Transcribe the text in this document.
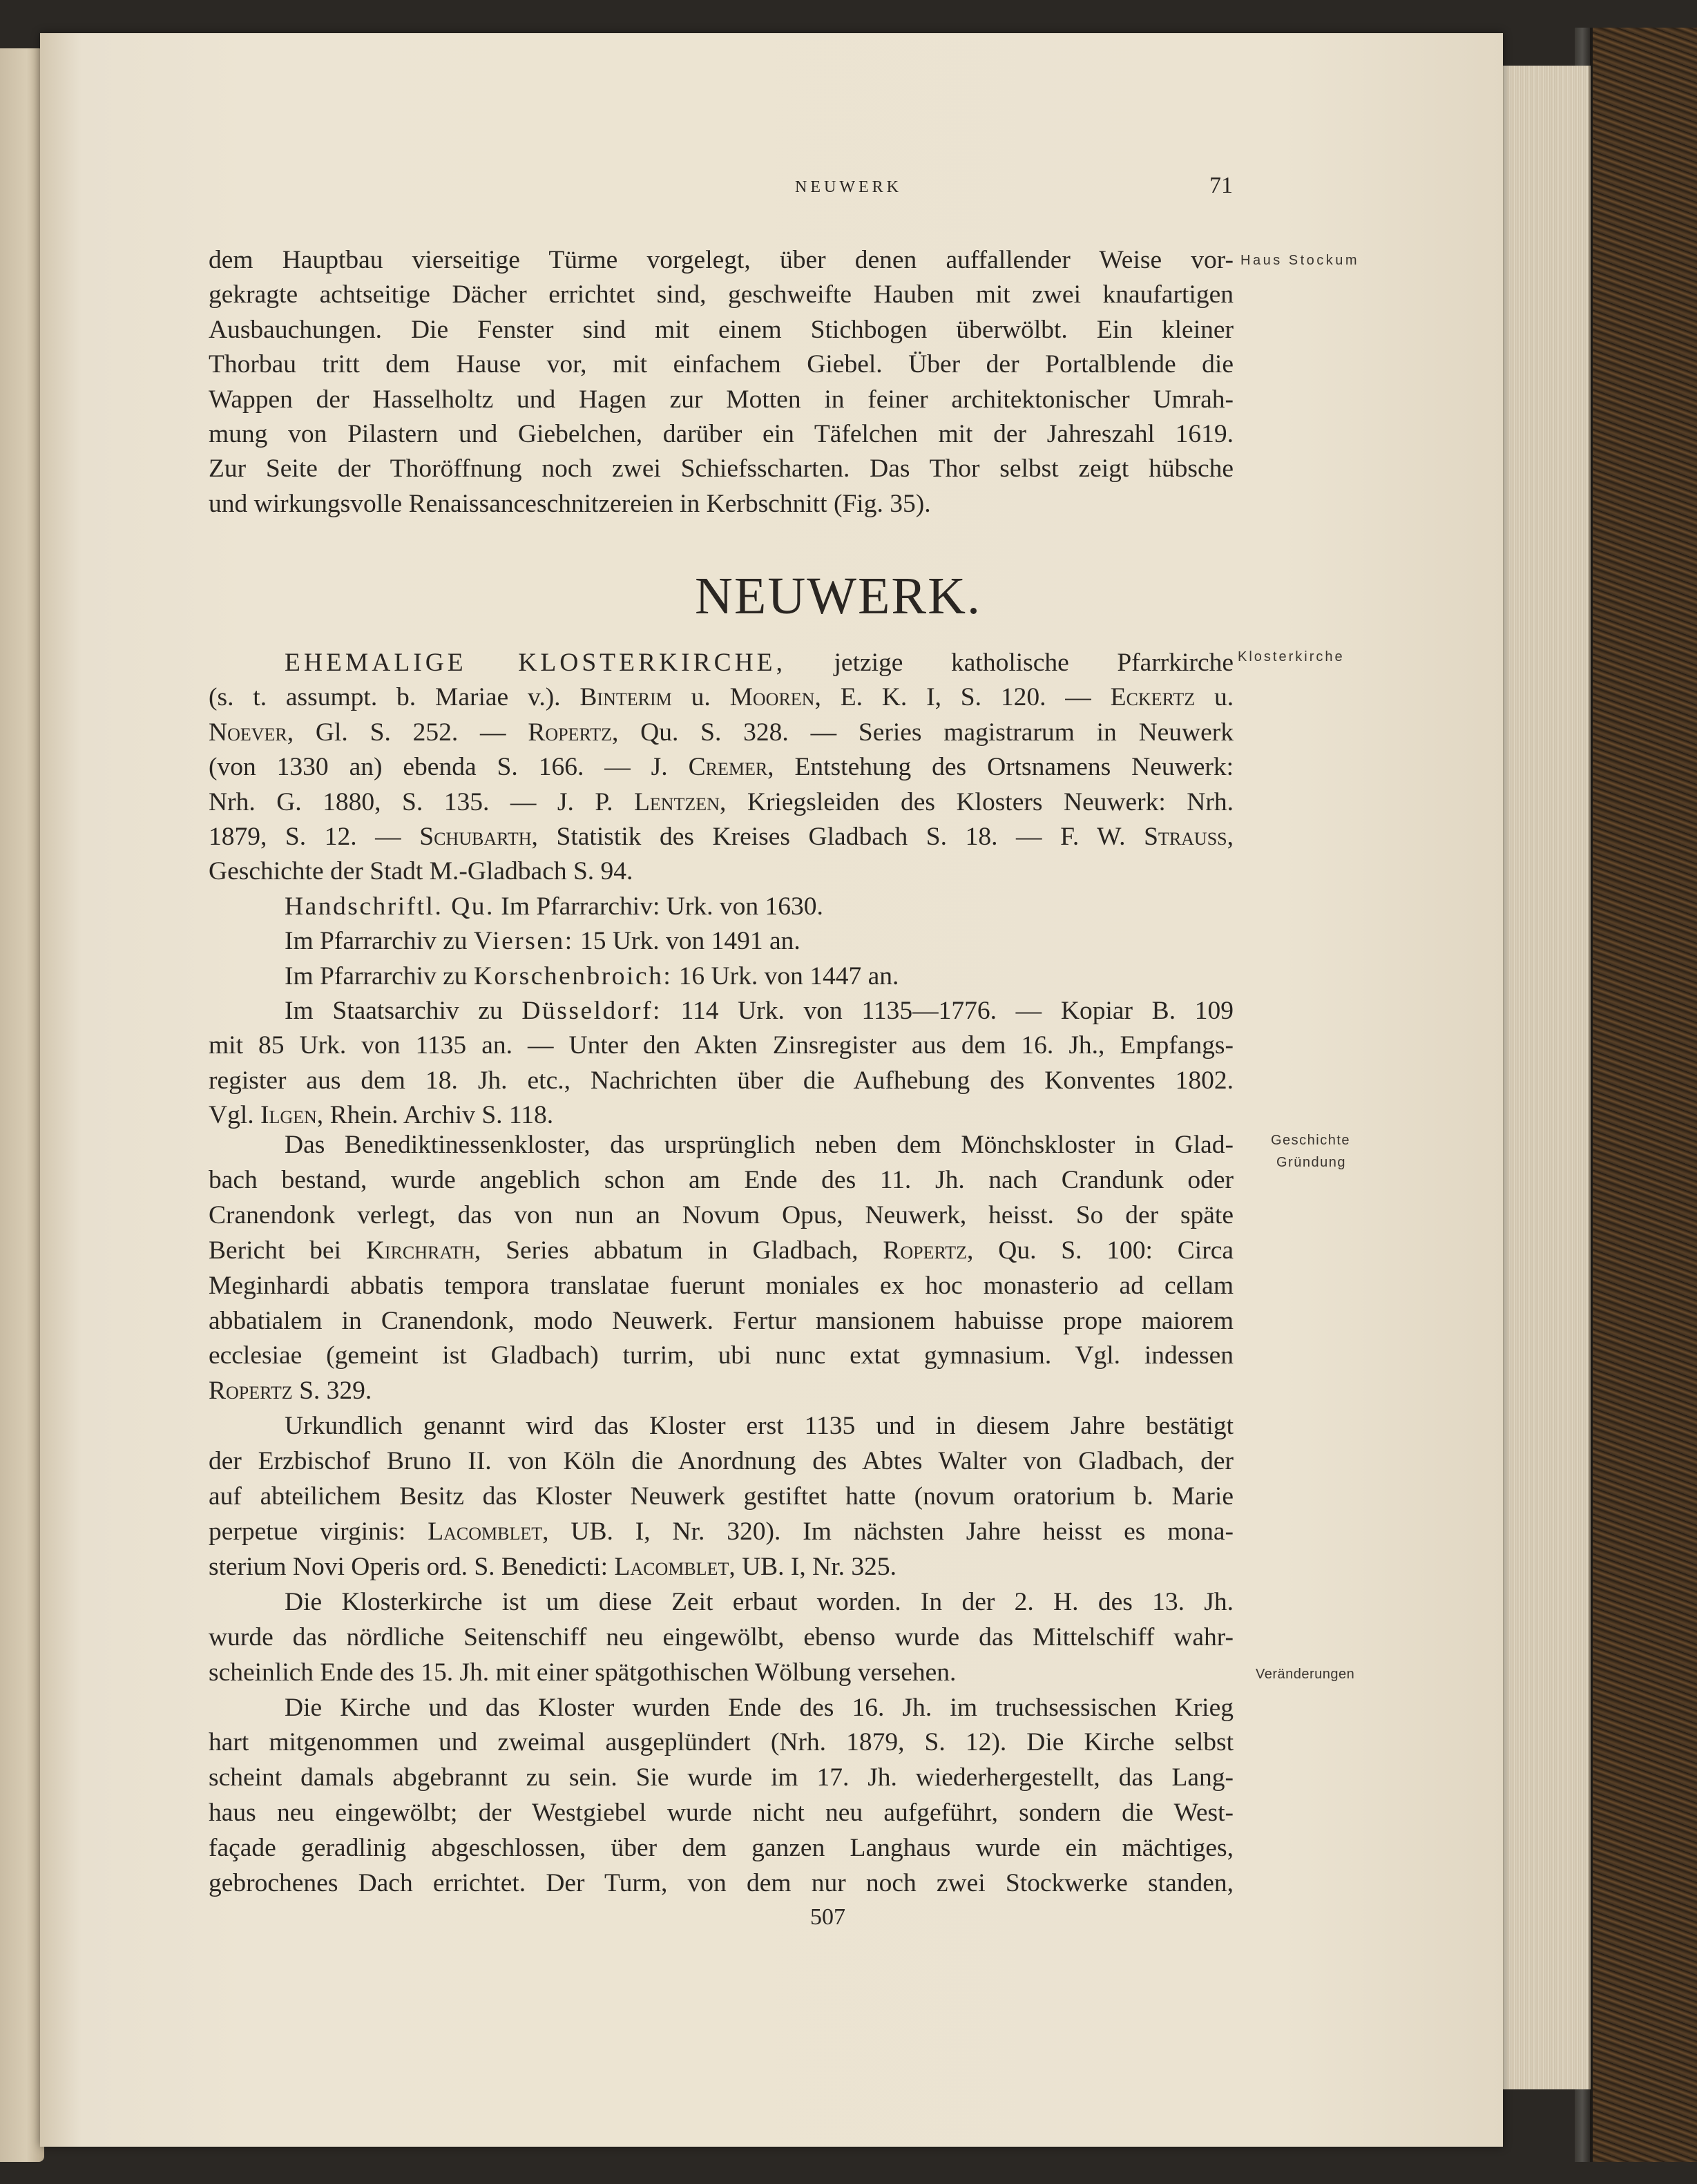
NEUWERK	71
dem Hauptbau vierseitige Türme vorgelegt, über denen auffallender Weise vor-
gekragte achtseitige Dächer errichtet sind, geschweifte Hauben mit zwei knaufartigen
Ausbauchungen. Die Fenster sind mit einem Stichbogen überwölbt. Ein kleiner
Thorbau tritt dem Hause vor, mit einfachem Giebel. Über der Portalblende die
Wappen der Hasselholtz und Hagen zur Motten in feiner architektonischer Umrah-
mung von Pilastern und Giebelchen, darüber ein Täfelchen mit der Jahreszahl 1619.
Zur Seite der Thoröffnung noch zwei Schiefsscharten. Das Thor selbst zeigt hübsche
und wirkungsvolle Renaissanceschnitzereien in Kerbschnitt (Fig. 35).
Haus Stockum
NEUWERK.
EHEMALIGE KLOSTERKIRCHE, jetzige katholische Pfarrkirche
(s. t. assumpt. b. Mariae v.). Binterim u. Mooren, E. K. I, S. 120. — Eckertz u.
Noever, Gl. S. 252. — Ropertz, Qu. S. 328. — Series magistrarum in Neuwerk
(von 1330 an) ebenda S. 166. — J. Cremer, Entstehung des Ortsnamens Neuwerk:
Nrh. G. 1880, S. 135. — J. P. Lentzen, Kriegsleiden des Klosters Neuwerk: Nrh.
1879, S. 12. — Schubarth, Statistik des Kreises Gladbach S. 18. — F. W. Strauss,
Geschichte der Stadt M.-Gladbach S. 94.
Handschriftl. Qu. Im Pfarrarchiv: Urk. von 1630.
Im Pfarrarchiv zu Viersen: 15 Urk. von 1491 an.
Im Pfarrarchiv zu Korschenbroich: 16 Urk. von 1447 an.
Im Staatsarchiv zu Düsseldorf: 114 Urk. von 1135—1776. — Kopiar B. 109
mit 85 Urk. von 1135 an. — Unter den Akten Zinsregister aus dem 16. Jh., Empfangs-
register aus dem 18. Jh. etc., Nachrichten über die Aufhebung des Konventes 1802.
Vgl. Ilgen, Rhein. Archiv S. 118.
Klosterkirche
Das Benediktinessenkloster, das ursprünglich neben dem Mönchskloster in Glad-
bach bestand, wurde angeblich schon am Ende des 11. Jh. nach Crandunk oder
Cranendonk verlegt, das von nun an Novum Opus, Neuwerk, heisst. So der späte
Bericht bei Kirchrath, Series abbatum in Gladbach, Ropertz, Qu. S. 100: Circa
Meginhardi abbatis tempora translatae fuerunt moniales ex hoc monasterio ad cellam
abbatialem in Cranendonk, modo Neuwerk. Fertur mansionem habuisse prope maiorem
ecclesiae (gemeint ist Gladbach) turrim, ubi nunc extat gymnasium. Vgl. indessen
Ropertz S. 329.
Urkundlich genannt wird das Kloster erst 1135 und in diesem Jahre bestätigt
der Erzbischof Bruno II. von Köln die Anordnung des Abtes Walter von Gladbach, der
auf abteilichem Besitz das Kloster Neuwerk gestiftet hatte (novum oratorium b. Marie
perpetue virginis: Lacomblet, UB. I, Nr. 320). Im nächsten Jahre heisst es mona-
sterium Novi Operis ord. S. Benedicti: Lacomblet, UB. I, Nr. 325.
Die Klosterkirche ist um diese Zeit erbaut worden. In der 2. H. des 13. Jh.
wurde das nördliche Seitenschiff neu eingewölbt, ebenso wurde das Mittelschiff wahr-
scheinlich Ende des 15. Jh. mit einer spätgothischen Wölbung versehen.
Die Kirche und das Kloster wurden Ende des 16. Jh. im truchsessischen Krieg
hart mitgenommen und zweimal ausgeplündert (Nrh. 1879, S. 12). Die Kirche selbst
scheint damals abgebrannt zu sein. Sie wurde im 17. Jh. wiederhergestellt, das Lang-
haus neu eingewölbt; der Westgiebel wurde nicht neu aufgeführt, sondern die West-
façade geradlinig abgeschlossen, über dem ganzen Langhaus wurde ein mächtiges,
gebrochenes Dach errichtet. Der Turm, von dem nur noch zwei Stockwerke standen,
Geschichte
Gründung
Veränderungen
507
